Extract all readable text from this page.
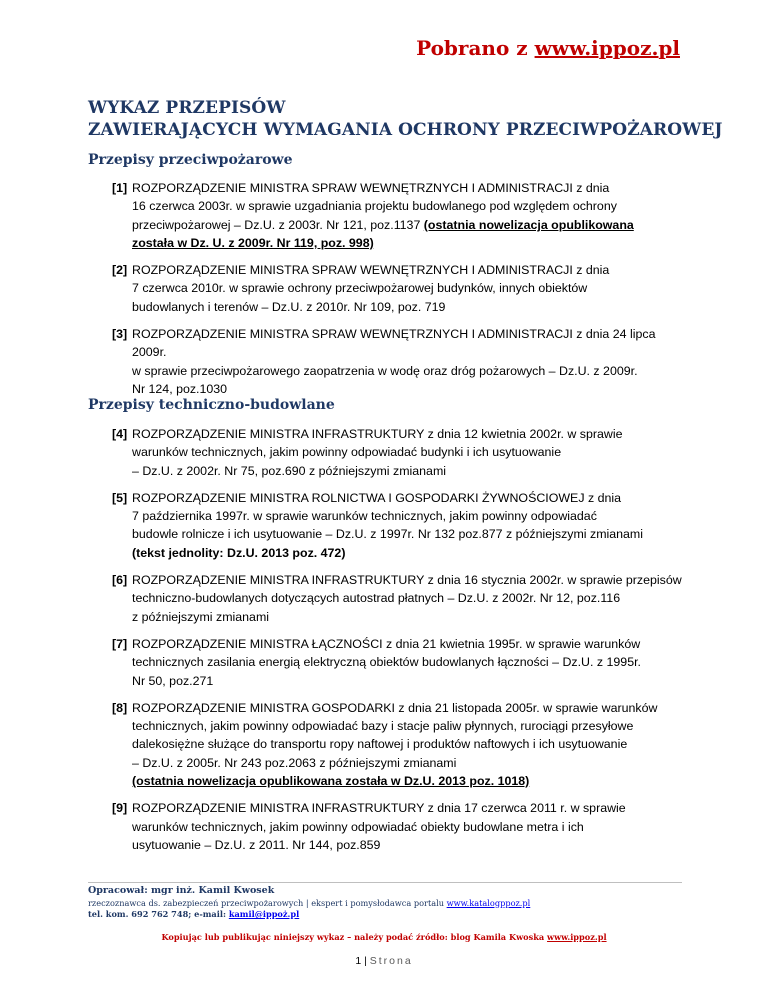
Pobrano z www.ippoz.pl
WYKAZ PRZEPISÓW
ZAWIERAJĄCYCH WYMAGANIA OCHRONY PRZECIWPOŻAROWEJ
Przepisy przeciwpożarowe
[1] ROZPORZĄDZENIE MINISTRA SPRAW WEWNĘTRZNYCH I ADMINISTRACJI z dnia
16 czerwca 2003r. w sprawie uzgadniania projektu budowlanego pod względem ochrony
przeciwpożarowej – Dz.U. z 2003r. Nr 121, poz.1137 (ostatnia nowelizacja opublikowana
została w Dz. U. z 2009r. Nr 119, poz. 998)
[2] ROZPORZĄDZENIE MINISTRA SPRAW WEWNĘTRZNYCH I ADMINISTRACJI z dnia
7 czerwca 2010r. w sprawie ochrony przeciwpożarowej budynków, innych obiektów
budowlanych i terenów – Dz.U. z 2010r. Nr 109, poz. 719
[3] ROZPORZĄDZENIE MINISTRA SPRAW WEWNĘTRZNYCH I ADMINISTRACJI z dnia 24 lipca 2009r.
w sprawie przeciwpożarowego zaopatrzenia w wodę oraz dróg pożarowych – Dz.U. z 2009r.
Nr 124, poz.1030
Przepisy techniczno-budowlane
[4] ROZPORZĄDZENIE MINISTRA INFRASTRUKTURY z dnia 12 kwietnia 2002r. w sprawie
warunków technicznych, jakim powinny odpowiadać budynki i ich usytuowanie
– Dz.U. z 2002r. Nr 75, poz.690 z późniejszymi zmianami
[5] ROZPORZĄDZENIE MINISTRA ROLNICTWA I GOSPODARKI ŻYWNOŚCIOWEJ z dnia
7 października 1997r. w sprawie warunków technicznych, jakim powinny odpowiadać
budowle rolnicze i ich usytuowanie – Dz.U. z 1997r. Nr 132 poz.877 z późniejszymi zmianami
(tekst jednolity: Dz.U. 2013 poz. 472)
[6] ROZPORZĄDZENIE MINISTRA INFRASTRUKTURY z dnia 16 stycznia 2002r. w sprawie przepisów
techniczno-budowlanych dotyczących autostrad płatnych – Dz.U. z 2002r. Nr 12, poz.116
z późniejszymi zmianami
[7] ROZPORZĄDZENIE MINISTRA ŁĄCZNOŚCI z dnia 21 kwietnia 1995r. w sprawie warunków
technicznych zasilania energią elektryczną obiektów budowlanych łączności – Dz.U. z 1995r.
Nr 50, poz.271
[8] ROZPORZĄDZENIE MINISTRA GOSPODARKI z dnia 21 listopada 2005r. w sprawie warunków
technicznych, jakim powinny odpowiadać bazy i stacje paliw płynnych, rurociągi przesyłowe
dalekosiężne służące do transportu ropy naftowej i produktów naftowych i ich usytuowanie
– Dz.U. z 2005r. Nr 243 poz.2063 z późniejszymi zmianami
(ostatnia nowelizacja opublikowana została w Dz.U. 2013 poz. 1018)
[9] ROZPORZĄDZENIE MINISTRA INFRASTRUKTURY z dnia 17 czerwca 2011 r. w sprawie
warunków technicznych, jakim powinny odpowiadać obiekty budowlane metra i ich
usytuowanie – Dz.U. z 2011. Nr 144, poz.859
Opracował: mgr inż. Kamil Kwosek
rzeczoznawca ds. zabezpieczeń przeciwpożarowych | ekspert i pomysłodawca portalu www.katalogppoz.pl
tel. kom. 692 762 748; e-mail: kamil@ippoż.pl
Kopiując lub publikując niniejszy wykaz – należy podać źródło: blog Kamila Kwoska www.ippoz.pl
1 | Strona
